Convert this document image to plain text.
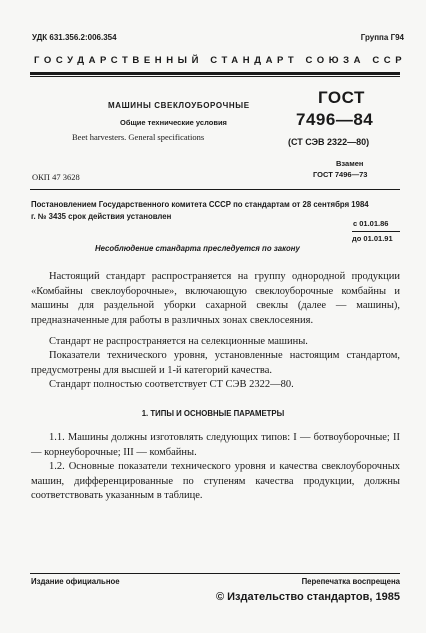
УДК 631.356.2:006.354	Группа Г94
ГОСУДАРСТВЕННЫЙ СТАНДАРТ СОЮЗА ССР
МАШИНЫ СВЕКЛОУБОРОЧНЫЕ
Общие технические условия
Beet harvesters. General specifications
ГОСТ
7496—84
(СТ СЭВ 2322—80)
Взамен
ГОСТ 7496—73
ОКП 47 3628
Постановлением Государственного комитета СССР по стандартам от 28 сентября 1984 г. № 3435 срок действия установлен
с 01.01.86
до 01.01.91
Несоблюдение стандарта преследуется по закону
Настоящий стандарт распространяется на группу однородной продукции «Комбайны свеклоуборочные», включающую свеклоуборочные комбайны и машины для раздельной уборки сахарной свеклы (далее — машины), предназначенные для работы в различных зонах свеклосеяния.
Стандарт не распространяется на селекционные машины.
Показатели технического уровня, установленные настоящим стандартом, предусмотрены для высшей и 1-й категорий качества.
Стандарт полностью соответствует СТ СЭВ 2322—80.
1. ТИПЫ И ОСНОВНЫЕ ПАРАМЕТРЫ
1.1. Машины должны изготовлять следующих типов: I — ботвоуборочные; II — корнеуборочные; III — комбайны.
1.2. Основные показатели технического уровня и качества свеклоуборочных машин, дифференцированные по ступеням качества продукции, должны соответствовать указанным в таблице.
Издание официальное	Перепечатка воспрещена
© Издательство стандартов, 1985
